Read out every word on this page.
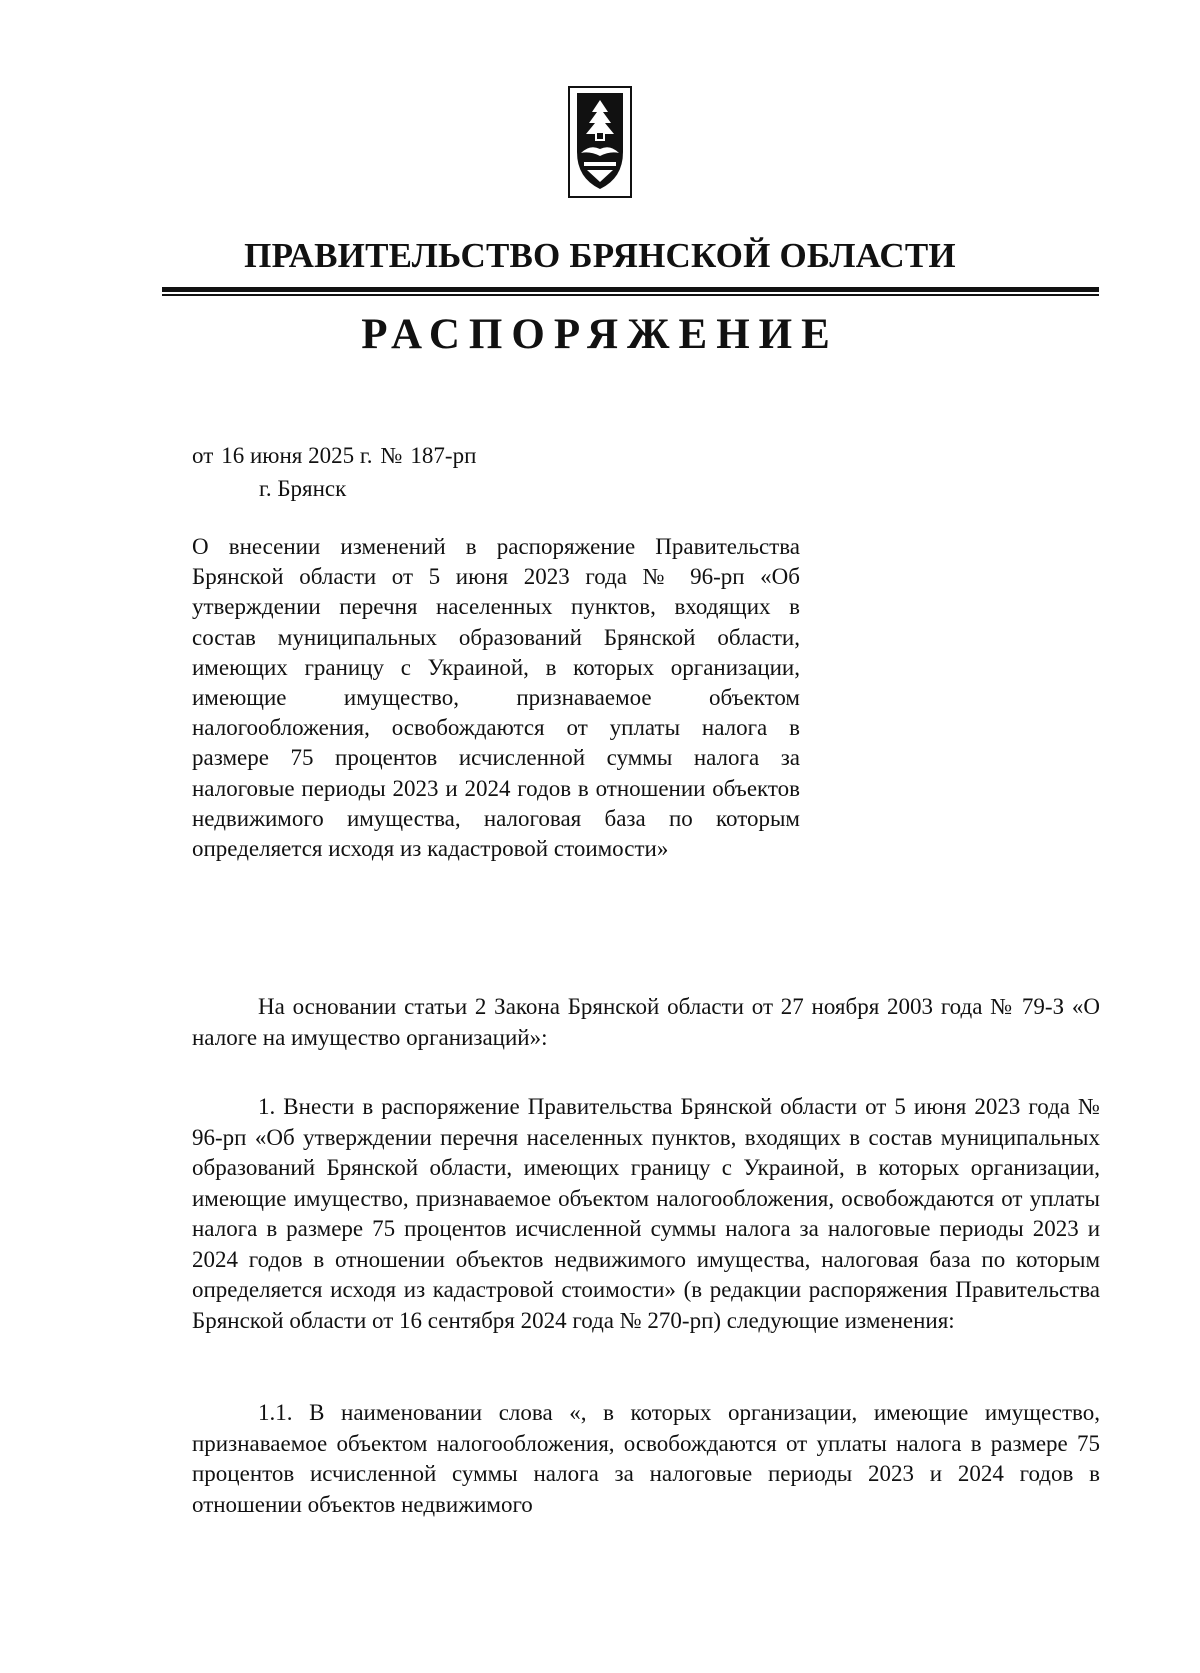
ПРАВИТЕЛЬСТВО БРЯНСКОЙ ОБЛАСТИ
РАСПОРЯЖЕНИЕ
от 16 июня 2025 г. № 187-рп
г. Брянск

О внесении изменений в распоряжение Правительства Брянской области от 5 июня 2023 года № 96-рп «Об утверждении перечня населенных пунктов, входящих в состав муниципальных образований Брянской области, имеющих границу с Украиной, в которых организации, имеющие имущество, признаваемое объектом налогообложения, освобождаются от уплаты налога в размере 75 процентов исчисленной суммы налога за налоговые периоды 2023 и 2024 годов в отношении объектов недвижимого имущества, налоговая база по которым определяется исходя из кадастровой стоимости»

На основании статьи 2 Закона Брянской области от 27 ноября 2003 года № 79-З «О налоге на имущество организаций»:

1. Внести в распоряжение Правительства Брянской области от 5 июня 2023 года № 96-рп «Об утверждении перечня населенных пунктов, входящих в состав муниципальных образований Брянской области, имеющих границу с Украиной, в которых организации, имеющие имущество, признаваемое объектом налогообложения, освобождаются от уплаты налога в размере 75 процентов исчисленной суммы налога за налоговые периоды 2023 и 2024 годов в отношении объектов недвижимого имущества, налоговая база по которым определяется исходя из кадастровой стоимости» (в редакции распоряжения Правительства Брянской области от 16 сентября 2024 года № 270-рп) следующие изменения:

1.1. В наименовании слова «, в которых организации, имеющие имущество, признаваемое объектом налогообложения, освобождаются от уплаты налога в размере 75 процентов исчисленной суммы налога за налоговые периоды 2023 и 2024 годов в отношении объектов недвижимого
